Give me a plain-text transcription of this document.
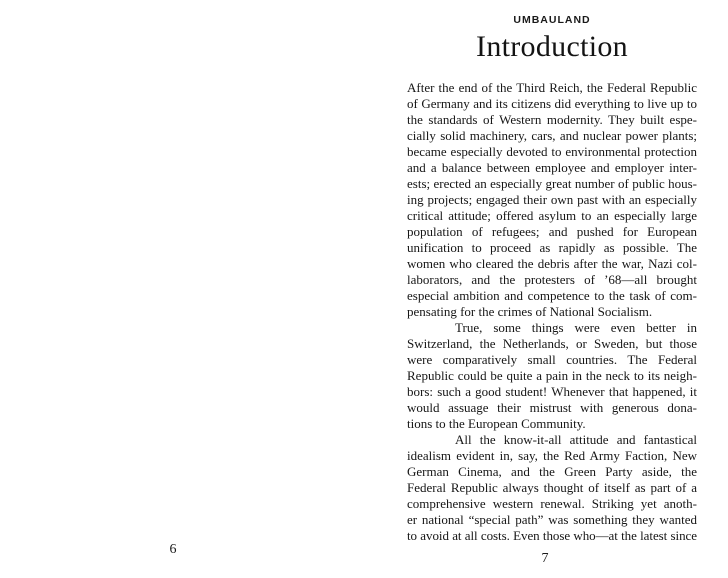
6
UMBAULAND
Introduction
After the end of the Third Reich, the Federal Republic
of Germany and its citizens did everything to live up to
the standards of Western modernity. They built espe-
cially solid machinery, cars, and nuclear power plants;
became especially devoted to environmental protection
and a balance between employee and employer inter-
ests; erected an especially great number of public hous-
ing projects; engaged their own past with an especially
critical attitude; offered asylum to an especially large
population of refugees; and pushed for European
unification to proceed as rapidly as possible. The
women who cleared the debris after the war, Nazi col-
laborators, and the protesters of ’68—all brought
especial ambition and competence to the task of com-
pensating for the crimes of National Socialism.
True, some things were even better in
Switzerland, the Netherlands, or Sweden, but those
were comparatively small countries. The Federal
Republic could be quite a pain in the neck to its neigh-
bors: such a good student! Whenever that happened, it
would assuage their mistrust with generous dona-
tions to the European Community.
All the know-it-all attitude and fantastical
idealism evident in, say, the Red Army Faction, New
German Cinema, and the Green Party aside, the
Federal Republic always thought of itself as part of a
comprehensive western renewal. Striking yet anoth-
er national “special path” was something they wanted
to avoid at all costs. Even those who—at the latest since
7
